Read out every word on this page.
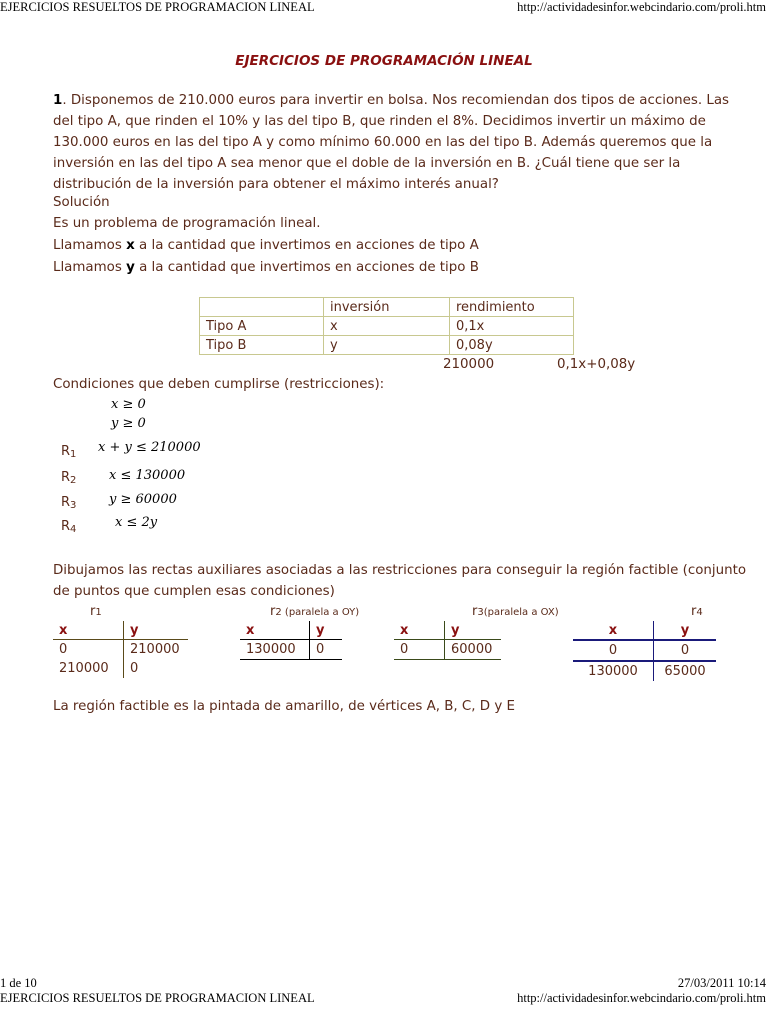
EJERCICIOS RESUELTOS DE PROGRAMACION LINEAL	http://actividadesinfor.webcindario.com/proli.htm
EJERCICIOS DE PROGRAMACIÓN LINEAL
1. Disponemos de 210.000 euros para invertir en bolsa. Nos recomiendan dos tipos de acciones. Las del tipo A, que rinden el 10% y las del tipo B, que rinden el 8%. Decidimos invertir un máximo de 130.000 euros en las del tipo A y como mínimo 60.000 en las del tipo B. Además queremos que la inversión en las del tipo A sea menor que el doble de la inversión en B. ¿Cuál tiene que ser la distribución de la inversión para obtener el máximo interés anual?
Solución
Es un problema de programación lineal.
Llamamos x a la cantidad que invertimos en acciones de tipo A
Llamamos y a la cantidad que invertimos en acciones de tipo B
	inversión	rendimiento
Tipo A	x	0,1x
Tipo B	y	0,08y
210000	0,1x+0,08y
Condiciones que deben cumplirse (restricciones):
x ≥ 0
y ≥ 0
$R_1$ x + y ≤ 210000
$R_2$	x ≤ 130000
$R_3$	y ≥ 60000
$R_4$	x ≤ 2y
Dibujamos las rectas auxiliares asociadas a las restricciones para conseguir la región factible (conjunto de puntos que cumplen esas condiciones)
r1	r2 (paralela a OY)	r3(paralela a OX)	r4
x	y
0	210000
210000	0
x	y
130000	0
x	y
0	60000
x	y
0	0
130000	65000
La región factible es la pintada de amarillo, de vértices A, B, C, D y E
1 de 10	27/03/2011 10:14
EJERCICIOS RESUELTOS DE PROGRAMACION LINEAL	http://actividadesinfor.webcindario.com/proli.htm
